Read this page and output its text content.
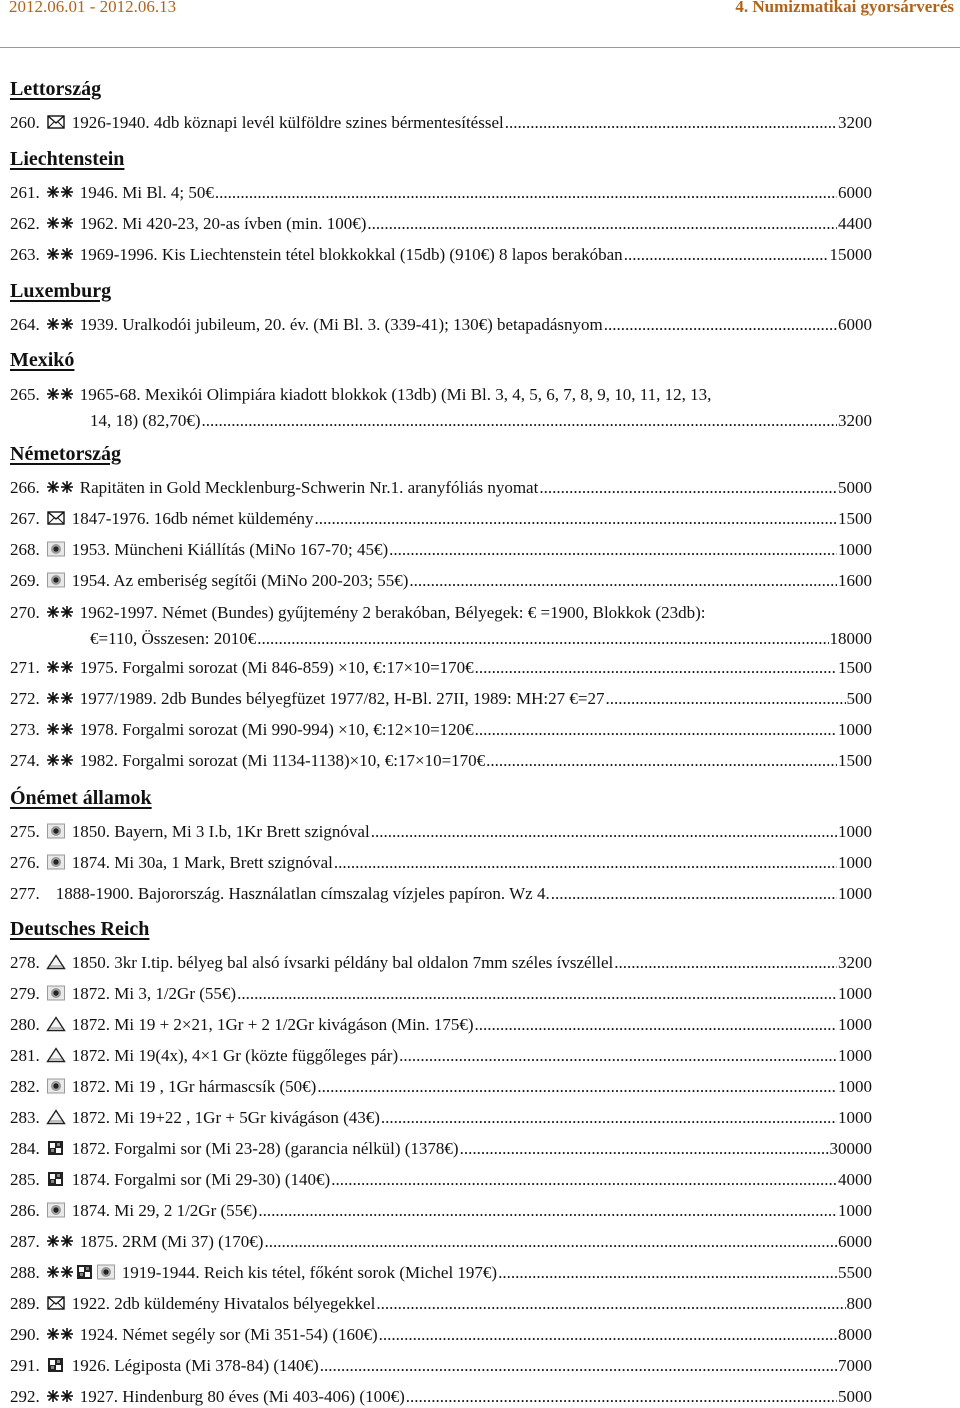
2012.06.01 - 2012.06.13	4. Numizmatikai gyorsárverés
Lettország
260. 1926-1940. 4db köznapi levél külföldre szines bérmentesítéssel .....	3200
Liechtenstein
261. 1946. Mi Bl. 4; 50€ .....	6000
262. 1962. Mi 420-23, 20-as ívben (min. 100€) .....	4400
263. 1969-1996. Kis Liechtenstein tétel blokkokkal (15db) (910€) 8 lapos berakóban .....	15000
Luxemburg
264. 1939. Uralkodói jubileum, 20. év. (Mi Bl. 3. (339-41); 130€) betapadásnyom .....	6000
Mexikó
265. 1965-68. Mexikói Olimpiára kiadott blokkok (13db) (Mi Bl. 3, 4, 5, 6, 7, 8, 9, 10, 11, 12, 13,
14, 18) (82,70€) .....	3200
Németország
266. Rapitäten in Gold Mecklenburg-Schwerin Nr.1. aranyfóliás nyomat .....	5000
267. 1847-1976. 16db német küldemény .....	1500
268. 1953. Müncheni Kiállítás (MiNo 167-70; 45€) .....	1000
269. 1954. Az emberiség segítői (MiNo 200-203; 55€) .....	1600
270. 1962-1997. Német (Bundes) gyűjtemény 2 berakóban, Bélyegek: € =1900, Blokkok (23db):
€=110, Összesen: 2010€ .....	18000
271. 1975. Forgalmi sorozat (Mi 846-859) ×10, €:17×10=170€ .....	1500
272. 1977/1989. 2db Bundes bélyegfüzet 1977/82, H-Bl. 27II, 1989: MH:27 €=27 .....	500
273. 1978. Forgalmi sorozat (Mi 990-994) ×10, €:12×10=120€ .....	1000
274. 1982. Forgalmi sorozat (Mi 1134-1138)×10, €:17×10=170€ .....	1500
Ónémet államok
275. 1850. Bayern, Mi 3 I.b, 1Kr Brett szignóval .....	1000
276. 1874. Mi 30a, 1 Mark, Brett szignóval .....	1000
277. 1888-1900. Bajorország. Használatlan címszalag vízjeles papíron. Wz 4. .....	1000
Deutsches Reich
278. 1850. 3kr I.tip. bélyeg bal alsó ívsarki példány bal oldalon 7mm széles ívszéllel .....	3200
279. 1872. Mi 3, 1/2Gr (55€) .....	1000
280. 1872. Mi 19 + 2×21, 1Gr + 2 1/2Gr kivágáson (Min. 175€) .....	1000
281. 1872. Mi 19(4x), 4×1 Gr (közte függőleges pár) .....	1000
282. 1872. Mi 19 , 1Gr hármascsík (50€) .....	1000
283. 1872. Mi 19+22 , 1Gr + 5Gr kivágáson (43€) .....	1000
284. 1872. Forgalmi sor (Mi 23-28) (garancia nélkül) (1378€) .....	30000
285. 1874. Forgalmi sor (Mi 29-30) (140€) .....	4000
286. 1874. Mi 29, 2 1/2Gr (55€) .....	1000
287. 1875. 2RM (Mi 37) (170€) .....	6000
288.	1919-1944. Reich kis tétel, főként sorok (Michel 197€) .....	5500
289. 1922. 2db küldemény Hivatalos bélyegekkel .....	800
290. 1924. Német segély sor (Mi 351-54) (160€) .....	8000
291. 1926. Légiposta (Mi 378-84) (140€) .....	7000
292. 1927. Hindenburg 80 éves (Mi 403-406) (100€) .....	5000
